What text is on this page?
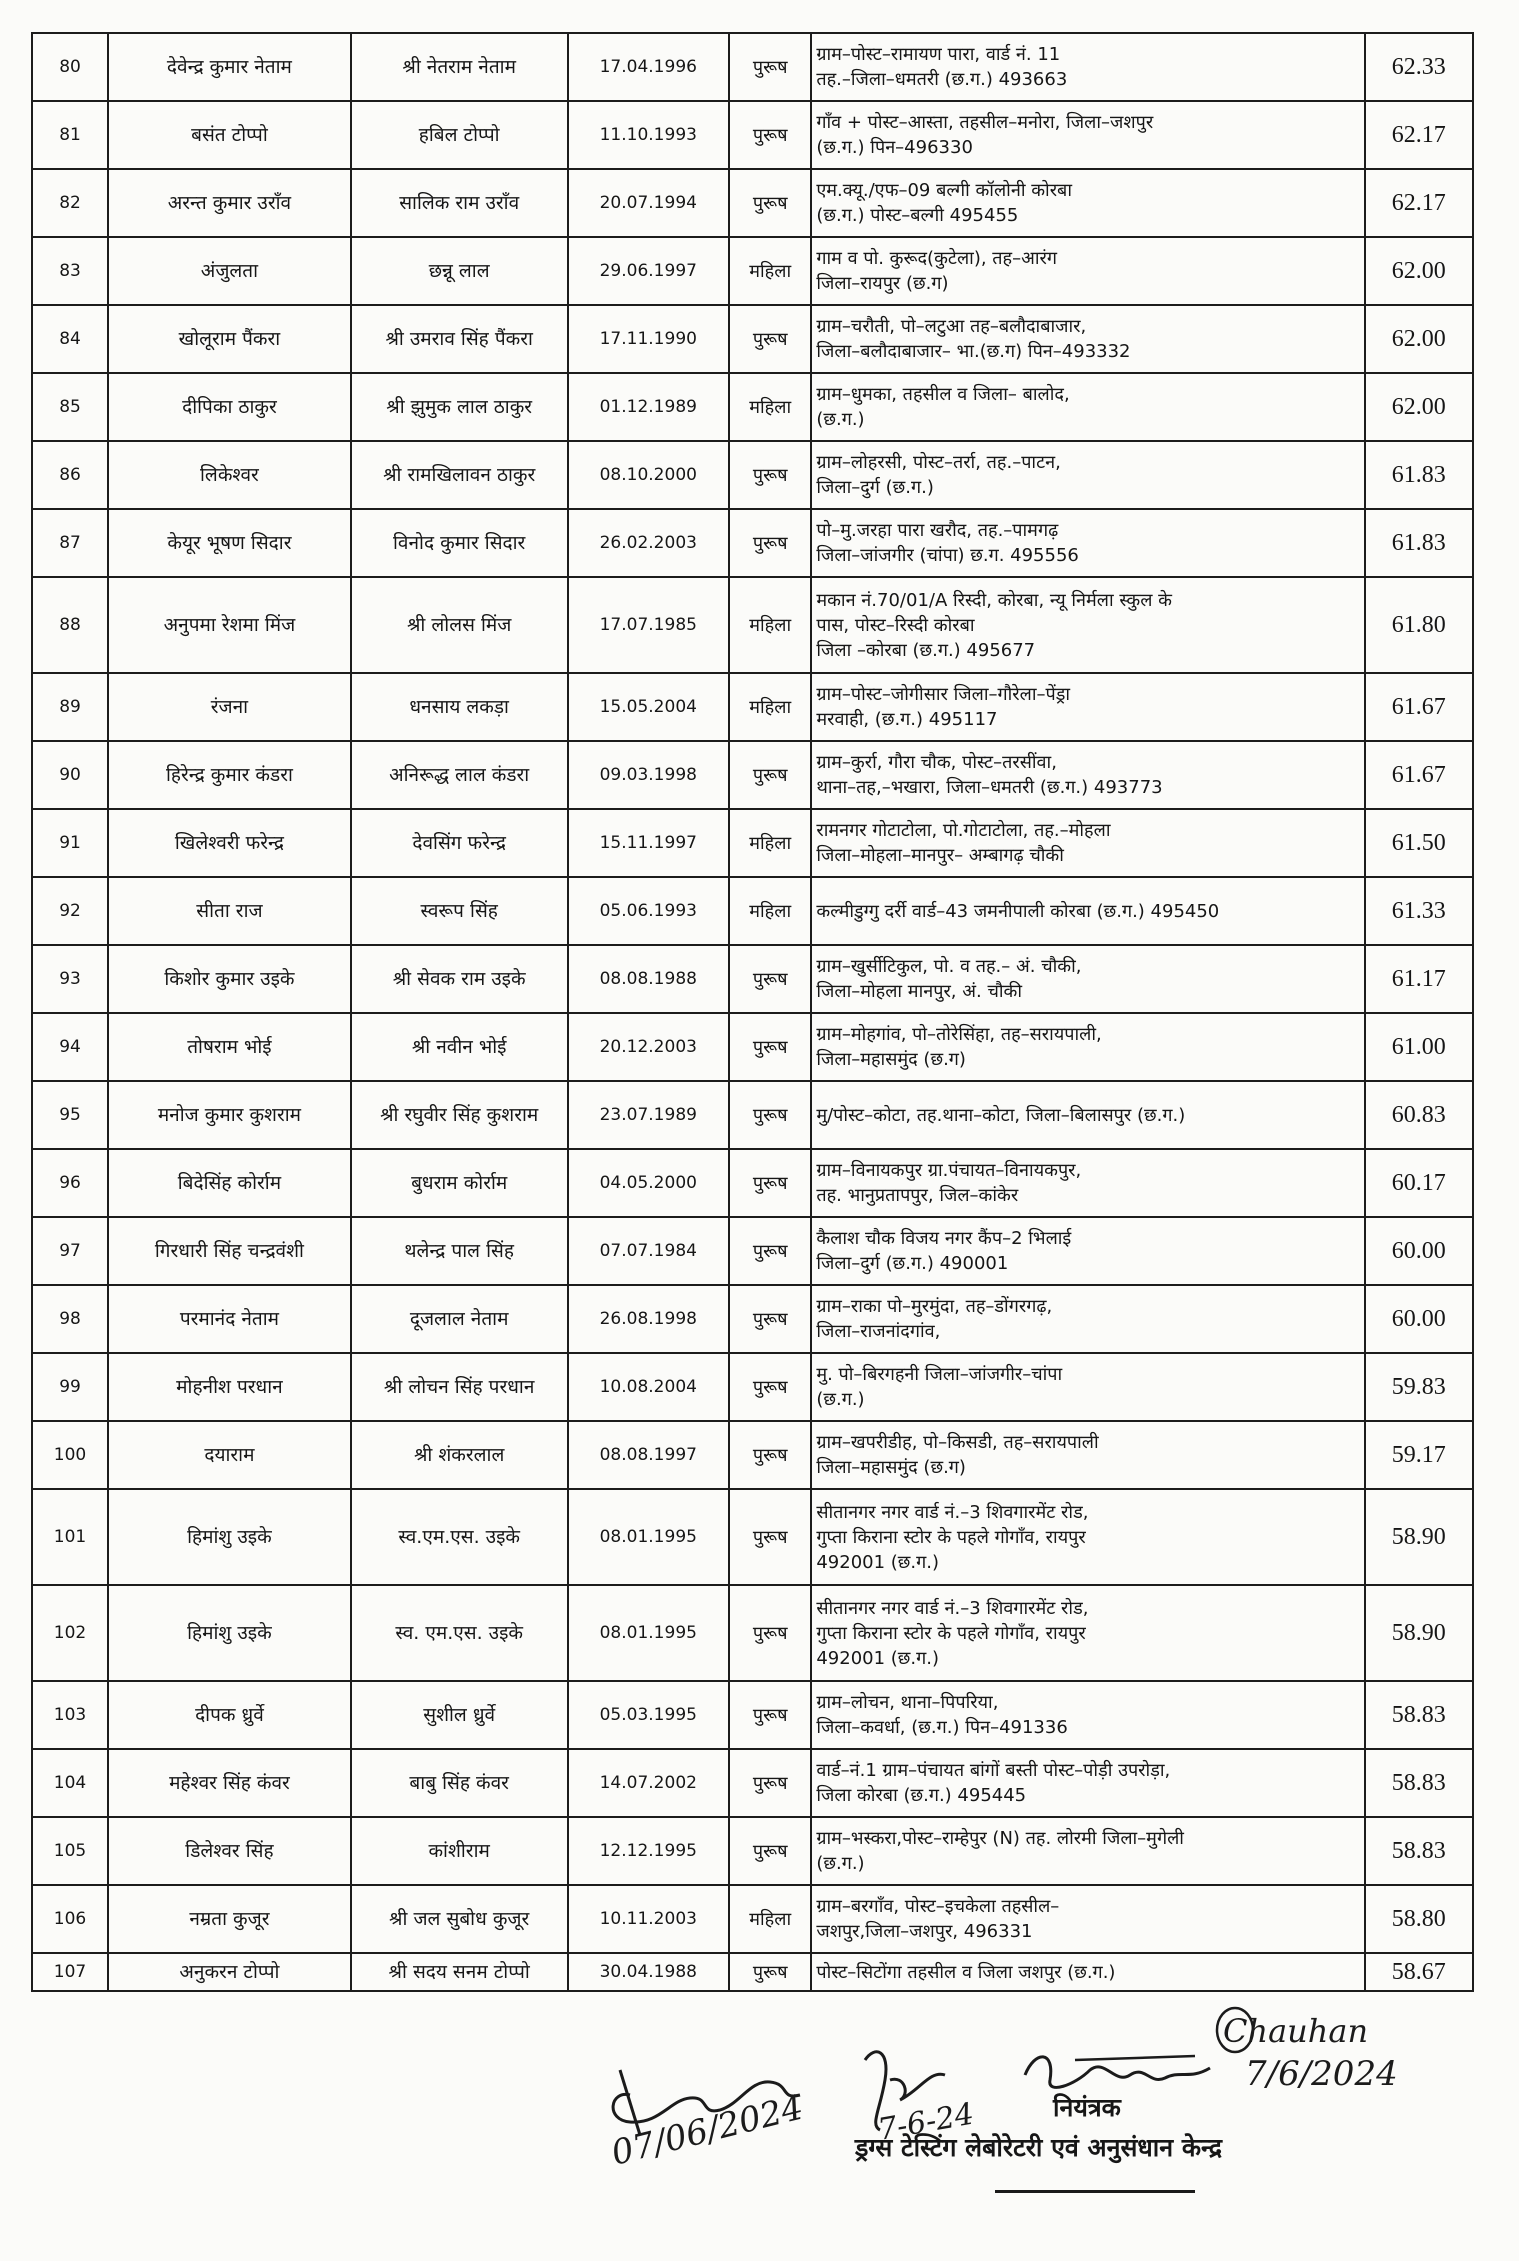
80	देवेन्द्र कुमार नेताम	श्री नेतराम नेताम	17.04.1996	पुरूष	ग्राम–पोस्ट–रामायण पारा, वार्ड नं. 11
तह.–जिला–धमतरी (छ.ग.) 493663	62.33
81	बसंत टोप्पो	हबिल टोप्पो	11.10.1993	पुरूष	गाँव + पोस्ट–आस्ता, तहसील–मनोरा, जिला–जशपुर
(छ.ग.) पिन–496330	62.17
82	अरन्त कुमार उराँव	सालिक राम उराँव	20.07.1994	पुरूष	एम.क्यू./एफ–09 बल्गी कॉलोनी कोरबा
(छ.ग.) पोस्ट–बल्गी 495455	62.17
83	अंजुलता	छन्नू लाल	29.06.1997	महिला	गाम व पो. कुरूद(कुटेला), तह–आरंग
जिला–रायपुर (छ.ग)	62.00
84	खोलूराम पैंकरा	श्री उमराव सिंह पैंकरा	17.11.1990	पुरूष	ग्राम–चरौती, पो–लटुआ तह–बलौदाबाजार,
जिला–बलौदाबाजार– भा.(छ.ग) पिन–493332	62.00
85	दीपिका ठाकुर	श्री झुमुक लाल ठाकुर	01.12.1989	महिला	ग्राम–धुमका, तहसील व जिला– बालोद,
(छ.ग.)	62.00
86	लिकेश्वर	श्री रामखिलावन ठाकुर	08.10.2000	पुरूष	ग्राम–लोहरसी, पोस्ट–तर्रा, तह.–पाटन,
जिला–दुर्ग (छ.ग.)	61.83
87	केयूर भूषण सिदार	विनोद कुमार सिदार	26.02.2003	पुरूष	पो–मु.जरहा पारा खरौद, तह.–पामगढ़
जिला–जांजगीर (चांपा) छ.ग. 495556	61.83
88	अनुपमा रेशमा मिंज	श्री लोलस मिंज	17.07.1985	महिला	मकान नं.70/01/A रिस्दी, कोरबा, न्यू निर्मला स्कुल के
पास, पोस्ट–रिस्दी कोरबा
जिला –कोरबा (छ.ग.) 495677	61.80
89	रंजना	धनसाय लकड़ा	15.05.2004	महिला	ग्राम–पोस्ट–जोगीसार जिला–गौरेला–पेंड्रा
मरवाही, (छ.ग.) 495117	61.67
90	हिरेन्द्र कुमार कंडरा	अनिरूद्ध लाल कंडरा	09.03.1998	पुरूष	ग्राम–कुर्रा, गौरा चौक, पोस्ट–तरसींवा,
थाना–तह,–भखारा, जिला–धमतरी (छ.ग.) 493773	61.67
91	खिलेश्वरी फरेन्द्र	देवसिंग फरेन्द्र	15.11.1997	महिला	रामनगर गोटाटोला, पो.गोटाटोला, तह.–मोहला
जिला–मोहला–मानपुर– अम्बागढ़ चौकी	61.50
92	सीता राज	स्वरूप सिंह	05.06.1993	महिला	कल्मीडुग्गु दर्री वार्ड–43 जमनीपाली कोरबा (छ.ग.) 495450	61.33
93	किशोर कुमार उइके	श्री सेवक राम उइके	08.08.1988	पुरूष	ग्राम–खुर्सीटिकुल, पो. व तह.– अं. चौकी,
जिला–मोहला मानपुर, अं. चौकी	61.17
94	तोषराम भोई	श्री नवीन भोई	20.12.2003	पुरूष	ग्राम–मोहगांव, पो–तोरेसिंहा, तह–सरायपाली,
जिला–महासमुंद (छ.ग)	61.00
95	मनोज कुमार कुशराम	श्री रघुवीर सिंह कुशराम	23.07.1989	पुरूष	मु/पोस्ट–कोटा, तह.थाना–कोटा, जिला–बिलासपुर (छ.ग.)	60.83
96	बिदेसिंह कोर्राम	बुधराम कोर्राम	04.05.2000	पुरूष	ग्राम–विनायकपुर ग्रा.पंचायत–विनायकपुर,
तह. भानुप्रतापपुर, जिल–कांकेर	60.17
97	गिरधारी सिंह चन्द्रवंशी	थलेन्द्र पाल सिंह	07.07.1984	पुरूष	कैलाश चौक विजय नगर कैंप–2 भिलाई
जिला–दुर्ग (छ.ग.) 490001	60.00
98	परमानंद नेताम	दूजलाल नेताम	26.08.1998	पुरूष	ग्राम–राका पो–मुरमुंदा, तह–डोंगरगढ़,
जिला–राजनांदगांव,	60.00
99	मोहनीश परधान	श्री लोचन सिंह परधान	10.08.2004	पुरूष	मु. पो–बिरगहनी जिला–जांजगीर–चांपा
(छ.ग.)	59.83
100	दयाराम	श्री शंकरलाल	08.08.1997	पुरूष	ग्राम–खपरीडीह, पो–किसडी, तह–सरायपाली
जिला–महासमुंद (छ.ग)	59.17
101	हिमांशु उइके	स्व.एम.एस. उइके	08.01.1995	पुरूष	सीतानगर नगर वार्ड नं.–3 शिवगारमेंट रोड,
गुप्ता किराना स्टोर के पहले गोगाँव, रायपुर
492001 (छ.ग.)	58.90
102	हिमांशु उइके	स्व. एम.एस. उइके	08.01.1995	पुरूष	सीतानगर नगर वार्ड नं.–3 शिवगारमेंट रोड,
गुप्ता किराना स्टोर के पहले गोगाँव, रायपुर
492001 (छ.ग.)	58.90
103	दीपक ध्रुर्वे	सुशील ध्रुर्वे	05.03.1995	पुरूष	ग्राम–लोचन, थाना–पिपरिया,
जिला–कवर्धा, (छ.ग.) पिन–491336	58.83
104	महेश्वर सिंह कंवर	बाबु सिंह कंवर	14.07.2002	पुरूष	वार्ड–नं.1 ग्राम–पंचायत बांगों बस्ती पोस्ट–पोड़ी उपरोड़ा,
जिला कोरबा (छ.ग.) 495445	58.83
105	डिलेश्वर सिंह	कांशीराम	12.12.1995	पुरूष	ग्राम–भस्करा,पोस्ट–राम्हेपुर (N) तह. लोरमी जिला–मुगेली
(छ.ग.)	58.83
106	नम्रता कुजूर	श्री जल सुबोध कुजूर	10.11.2003	महिला	ग्राम–बरगाँव, पोस्ट–इचकेला तहसील–
जशपुर,जिला–जशपुर, 496331	58.80
107	अनुकरन टोप्पो	श्री सदय सनम टोप्पो	30.04.1988	पुरूष	पोस्ट–सिटोंगा तहसील व जिला जशपुर (छ.ग.)	58.67
07/06/2024 7-6-24
Chauhan
7/6/2024
नियंत्रक
ड्रग्स टेस्टिंग लेबोरेटरी एवं अनुसंधान केन्द्र
